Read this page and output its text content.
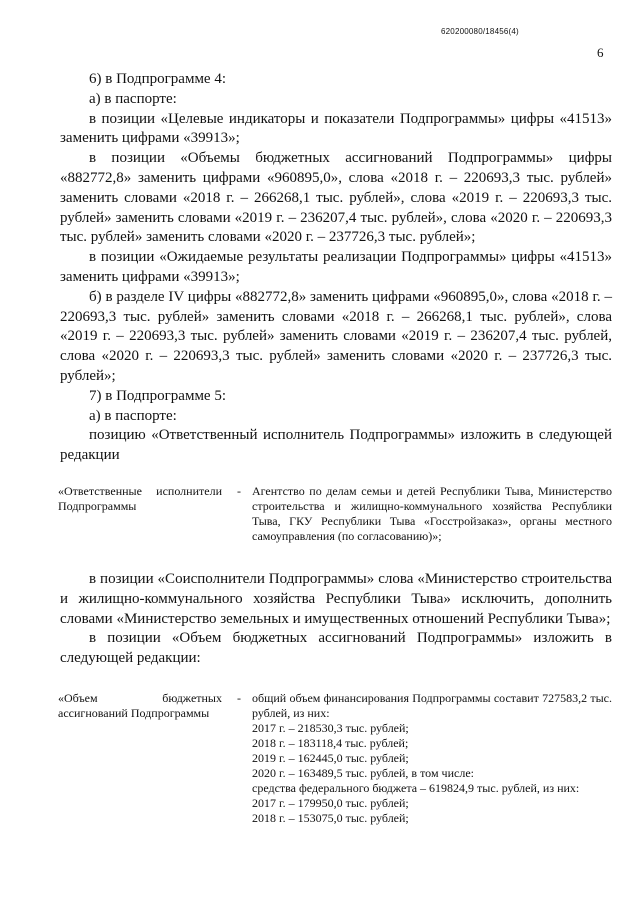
620200080/18456(4)
6

6) в Подпрограмме 4:

а) в паспорте:

в позиции «Целевые индикаторы и показатели Подпрограммы» цифры «41513» заменить цифрами «39913»;

в позиции «Объемы бюджетных ассигнований Подпрограммы» цифры «882772,8» заменить цифрами «960895,0», слова «2018 г. – 220693,3 тыс. рублей» заменить словами «2018 г. – 266268,1 тыс. рублей», слова «2019 г. – 220693,3 тыс. рублей» заменить словами «2019 г. – 236207,4 тыс. рублей», слова «2020 г. – 220693,3 тыс. рублей» заменить словами «2020 г. – 237726,3 тыс. рублей»;

в позиции «Ожидаемые результаты реализации Подпрограммы» цифры «41513» заменить цифрами «39913»;

б) в разделе IV цифры «882772,8» заменить цифрами «960895,0», слова «2018 г. – 220693,3 тыс. рублей» заменить словами «2018 г. – 266268,1 тыс. рублей», слова «2019 г. – 220693,3 тыс. рублей» заменить словами «2019 г. – 236207,4 тыс. рублей, слова «2020 г. – 220693,3 тыс. рублей» заменить словами «2020 г. – 237726,3 тыс. рублей»;

7) в Подпрограмме 5:

а) в паспорте:

позицию «Ответственный исполнитель Подпрограммы» изложить в следующей редакции

«Ответственные исполнители Подпрограммы
- Агентство по делам семьи и детей Республики Тыва, Министерство строительства и жилищно-коммунального хозяйства Республики Тыва, ГКУ Республики Тыва «Госстройзаказ», органы местного самоуправления (по согласованию)»;

в позиции «Соисполнители Подпрограммы» слова «Министерство строительства и жилищно-коммунального хозяйства Республики Тыва» исключить, дополнить словами «Министерство земельных и имущественных отношений Республики Тыва»;

в позиции «Объем бюджетных ассигнований Подпрограммы» изложить в следующей редакции:

«Объем бюджетных ассигнований Подпрограммы
- общий объем финансирования Подпрограммы составит 727583,2 тыс. рублей, из них:
2017 г. – 218530,3 тыс. рублей;
2018 г. – 183118,4 тыс. рублей;
2019 г. – 162445,0 тыс. рублей;
2020 г. – 163489,5 тыс. рублей, в том числе:
средства федерального бюджета – 619824,9 тыс. рублей, из них:
2017 г. – 179950,0 тыс. рублей;
2018 г. – 153075,0 тыс. рублей;
